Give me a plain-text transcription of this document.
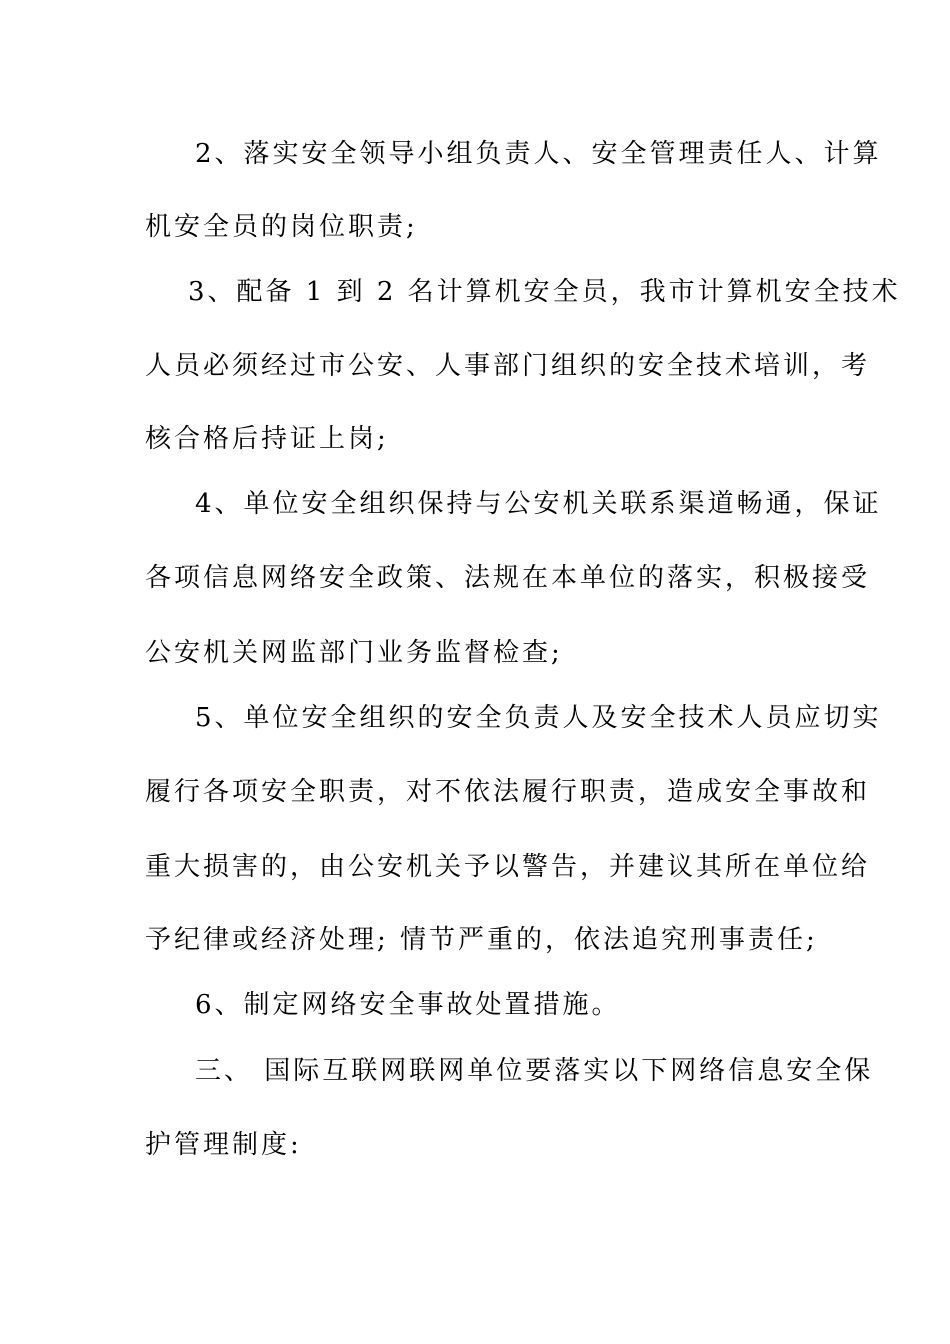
2、落实安全领导小组负责人、安全管理责任人、计算
机安全员的岗位职责;
3、配备 1 到 2 名计算机安全员，我市计算机安全技术
人员必须经过市公安、人事部门组织的安全技术培训，考
核合格后持证上岗;
4、单位安全组织保持与公安机关联系渠道畅通，保证
各项信息网络安全政策、法规在本单位的落实，积极接受
公安机关网监部门业务监督检查;
5、单位安全组织的安全负责人及安全技术人员应切实
履行各项安全职责，对不依法履行职责，造成安全事故和
重大损害的，由公安机关予以警告，并建议其所在单位给
予纪律或经济处理; 情节严重的，依法追究刑事责任;
6、制定网络安全事故处置措施。
三、 国际互联网联网单位要落实以下网络信息安全保
护管理制度:
